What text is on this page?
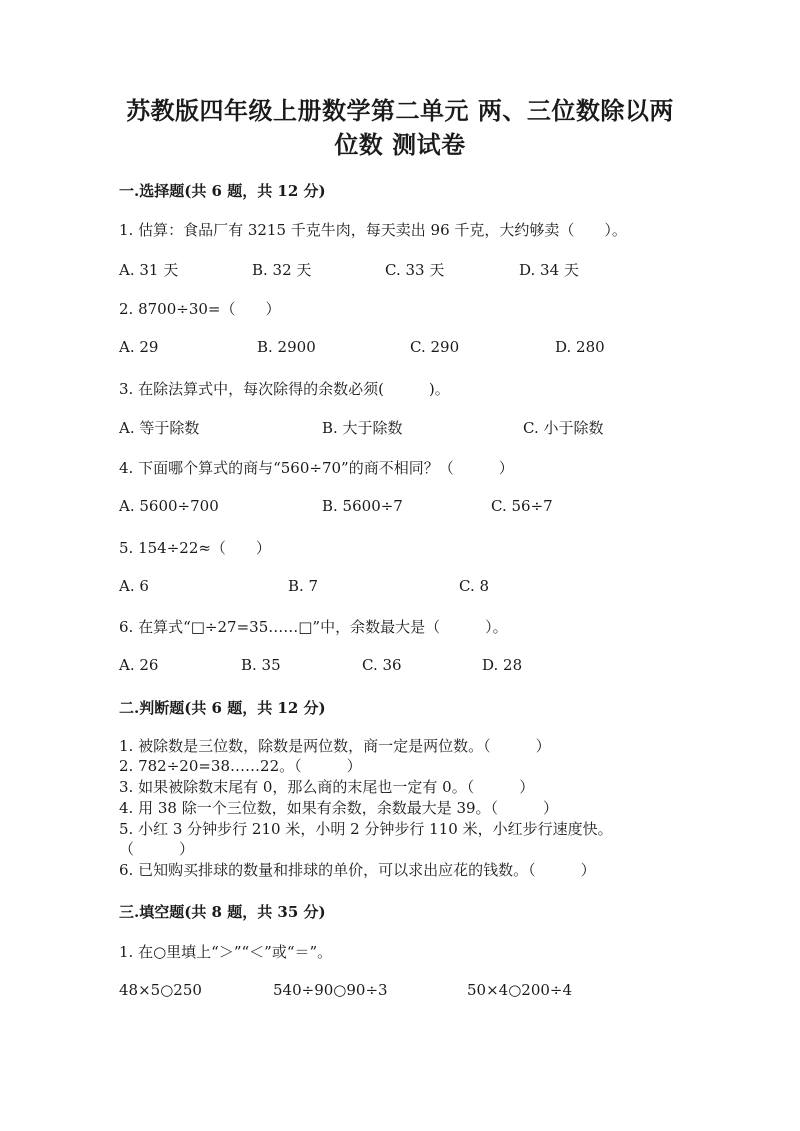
苏教版四年级上册数学第二单元 两、三位数除以两
位数 测试卷
一.选择题(共 6 题，共 12 分)
1. 估算：食品厂有 3215 千克牛肉，每天卖出 96 千克，大约够卖（　　）。
A. 31 天	B. 32 天	C. 33 天	D. 34 天
2. 8700÷30=（　　）
A. 29	B. 2900	C. 290	D. 280
3. 在除法算式中，每次除得的余数必须(　　　)。
A. 等于除数	B. 大于除数	C. 小于除数
4. 下面哪个算式的商与“560÷70”的商不相同？（　　　）
A. 5600÷700	B. 5600÷7	C. 56÷7
5. 154÷22≈（　　）
A. 6	B. 7	C. 8
6. 在算式“□÷27=35……□”中，余数最大是（　　　）。
A. 26	B. 35	C. 36	D. 28
二.判断题(共 6 题，共 12 分)
1. 被除数是三位数，除数是两位数，商一定是两位数。（　　　）
2. 782÷20=38……22。（　　　）
3. 如果被除数末尾有 0，那么商的末尾也一定有 0。（　　　）
4. 用 38 除一个三位数，如果有余数，余数最大是 39。（　　　）
5. 小红 3 分钟步行 210 米，小明 2 分钟步行 110 米，小红步行速度快。
（　　　）
6. 已知购买排球的数量和排球的单价，可以求出应花的钱数。（　　　）
三.填空题(共 8 题，共 35 分)
1. 在○里填上“＞”“＜”或“＝”。
48×5○250	540÷90○90÷3	50×4○200÷4
